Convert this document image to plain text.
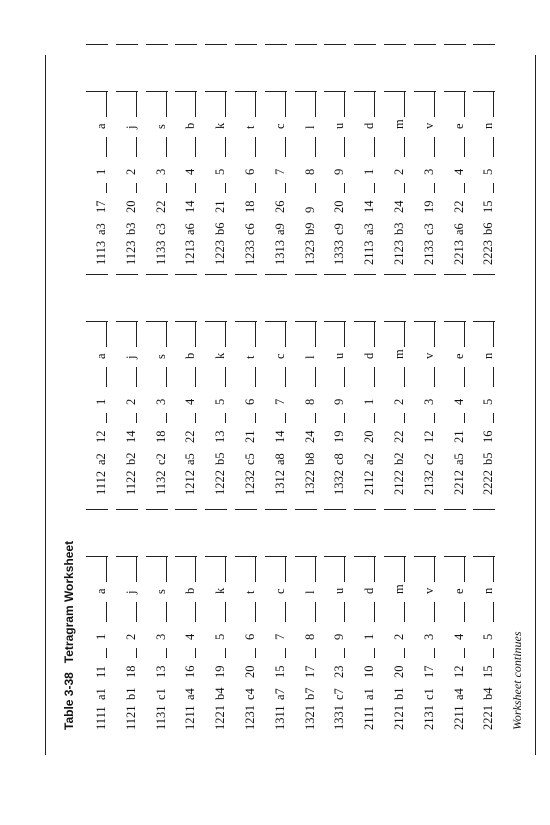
Table 3-38Tetragram Worksheet
1111
a1
11
1
a
1112
a2
12
1
a
1113
a3
17
1
a
1121
b1
18
2
j
1122
b2
14
2
j
1123
b3
20
2
j
1131
c1
13
3
s
1132
c2
18
3
s
1133
c3
22
3
s
1211
a4
16
4
b
1212
a5
22
4
b
1213
a6
14
4
b
1221
b4
19
5
k
1222
b5
13
5
k
1223
b6
21
5
k
1231
c4
20
6
t
1232
c5
21
6
t
1233
c6
18
6
t
1311
a7
15
7
c
1312
a8
14
7
c
1313
a9
26
7
c
1321
b7
17
8
l
1322
b8
24
8
l
1323
b9
9
8
l
1331
c7
23
9
u
1332
c8
19
9
u
1333
c9
20
9
u
2111
a1
10
1
d
2112
a2
20
1
d
2113
a3
14
1
d
2121
b1
20
2
m
2122
b2
22
2
m
2123
b3
24
2
m
2131
c1
17
3
v
2132
c2
12
3
v
2133
c3
19
3
v
2211
a4
12
4
e
2212
a5
21
4
e
2213
a6
22
4
e
2221
b4
15
5
n
2222
b5
16
5
n
2223
b6
15
5
n
Worksheet continues
